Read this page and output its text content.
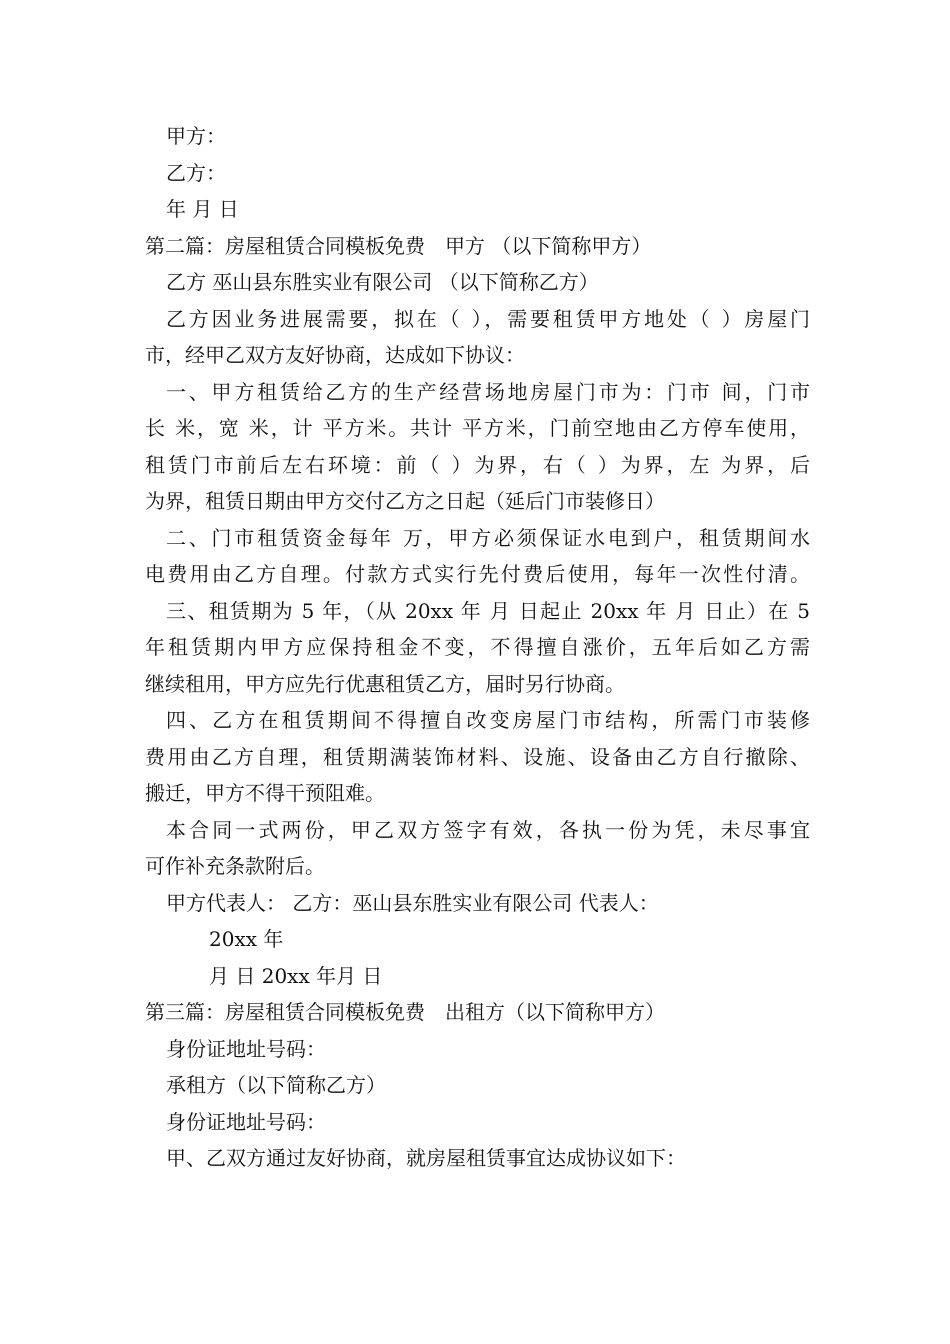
甲方：
乙方：
年 月 日
第二篇：房屋租赁合同模板免费　甲方 （以下简称甲方）
乙方 巫山县东胜实业有限公司 （以下简称乙方）
乙方因业务进展需要，拟在（ ），需要租赁甲方地处（ ）房屋门
市，经甲乙双方友好协商，达成如下协议：
一、甲方租赁给乙方的生产经营场地房屋门市为：门市 间，门市
长 米，宽 米，计 平方米。共计 平方米，门前空地由乙方停车使用，
租赁门市前后左右环境：前（ ）为界，右（ ）为界，左 为界，后
为界，租赁日期由甲方交付乙方之日起（延后门市装修日）
二、门市租赁资金每年 万，甲方必须保证水电到户，租赁期间水
电费用由乙方自理。付款方式实行先付费后使用，每年一次性付清。
三、租赁期为 5 年，（从 20xx 年 月 日起止 20xx 年 月 日止）在 5
年租赁期内甲方应保持租金不变，不得擅自涨价，五年后如乙方需
继续租用，甲方应先行优惠租赁乙方，届时另行协商。
四、乙方在租赁期间不得擅自改变房屋门市结构，所需门市装修
费用由乙方自理，租赁期满装饰材料、设施、设备由乙方自行撤除、
搬迁，甲方不得干预阻难。
本合同一式两份，甲乙双方签字有效，各执一份为凭，未尽事宜
可作补充条款附后。
甲方代表人： 乙方：巫山县东胜实业有限公司 代表人：
20xx 年
月 日 20xx 年月 日
第三篇：房屋租赁合同模板免费　出租方（以下简称甲方）
身份证地址号码：
承租方（以下简称乙方）
身份证地址号码：
甲、乙双方通过友好协商，就房屋租赁事宜达成协议如下：
